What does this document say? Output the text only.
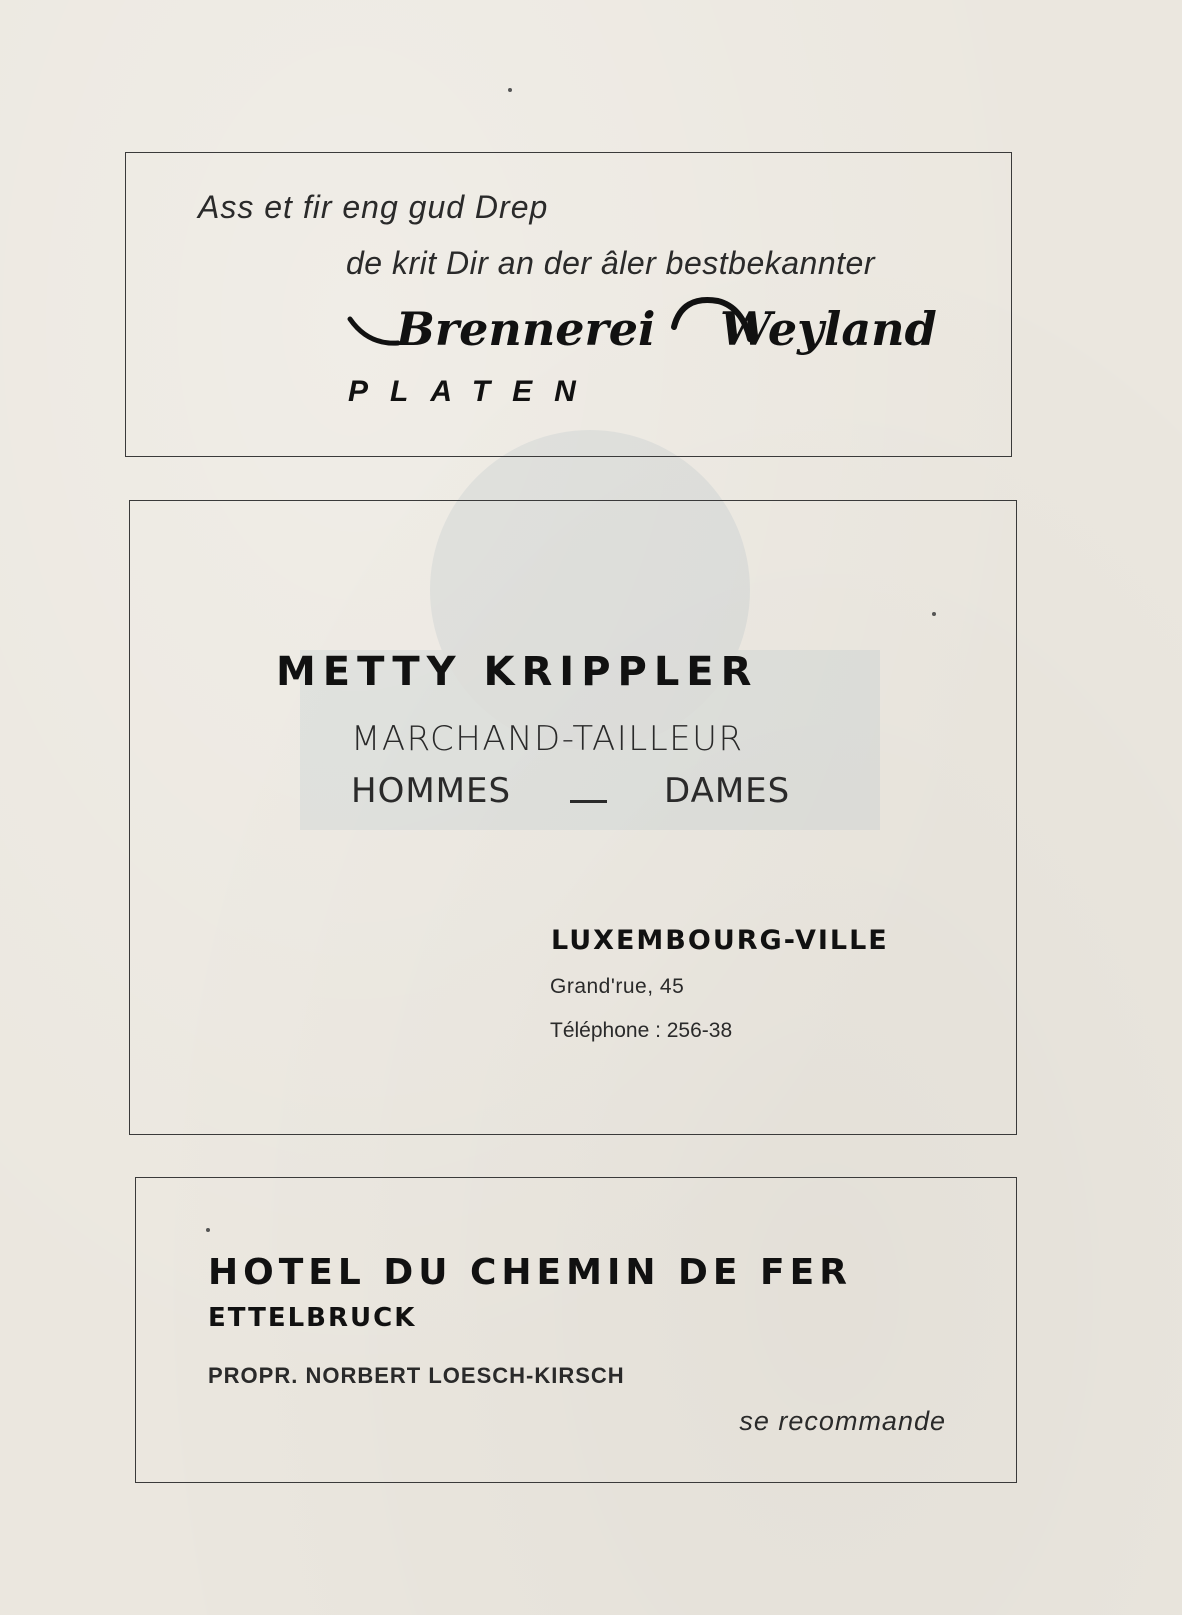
Ass et fir eng gud Drep
de krit Dir an der âler bestbekannter
Brennerei Weyland
PLATEN
METTY KRIPPLER
MARCHAND-TAILLEUR
HOMMES	DAMES
LUXEMBOURG-VILLE
Grand'rue, 45
Téléphone : 256-38
HOTEL DU CHEMIN DE FER
ETTELBRUCK
PROPR. NORBERT LOESCH-KIRSCH
se recommande
